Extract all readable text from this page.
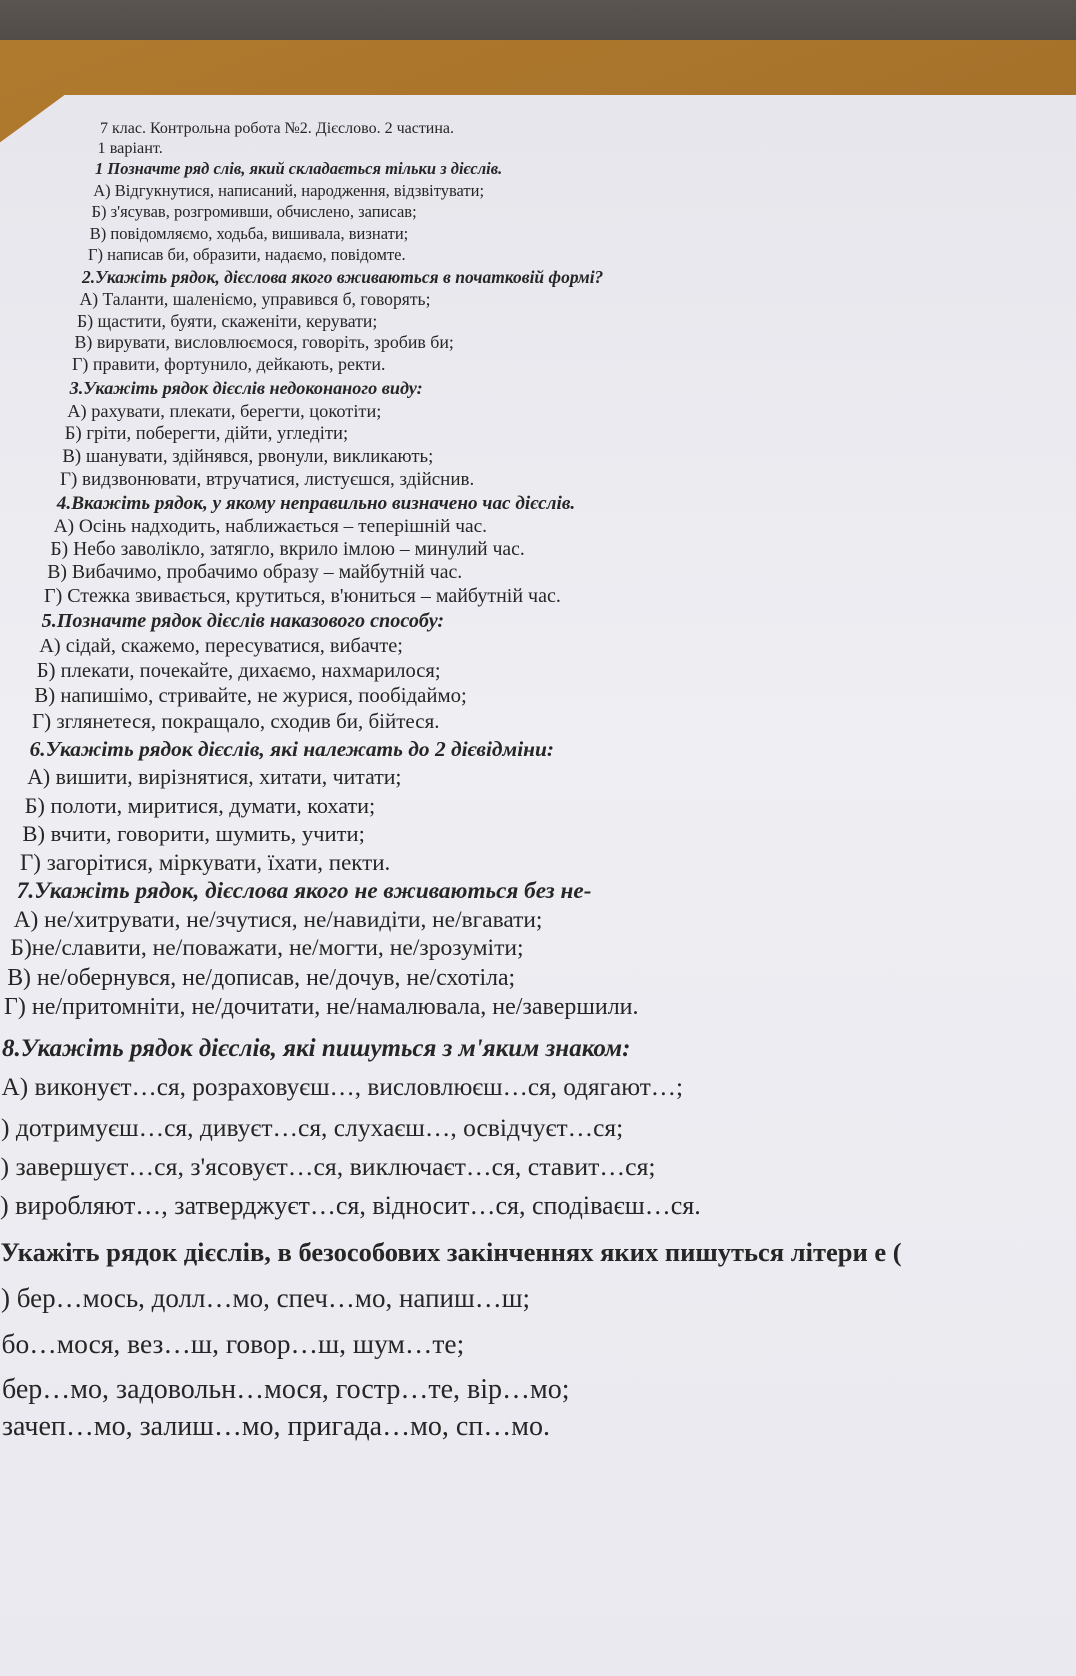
7 клас. Контрольна робота №2. Дієслово. 2 частина.
1 варіант.
1 Позначте ряд слів, який складається тільки з дієслів.
А) Відгукнутися, написаний, народження, відзвітувати;
Б) з'ясував, розгромивши, обчислено, записав;
В) повідомляємо, ходьба, вишивала, визнати;
Г) написав би, образити, надаємо, повідомте.
2.Укажіть рядок, дієслова якого вживаються в початковій формі?
А) Таланти, шаленіємо, управився б, говорять;
Б) щастити, буяти, скаженіти, керувати;
В) вирувати, висловлюємося, говоріть, зробив би;
Г) правити, фортунило, дейкають, ректи.
3.Укажіть рядок дієслів недоконаного виду:
А) рахувати, плекати, берегти, цокотіти;
Б) гріти, поберегти, дійти, угледіти;
В) шанувати, здійнявся, рвонули, викликають;
Г) видзвонювати, втручатися, листуєшся, здійснив.
4.Вкажіть рядок, у якому неправильно визначено час дієслів.
А) Осінь надходить, наближається – теперішній час.
Б) Небо заволікло, затягло, вкрило імлою – минулий час.
В) Вибачимо, пробачимо образу – майбутній час.
Г) Стежка звивається, крутиться, в'юниться – майбутній час.
5.Позначте рядок дієслів наказового способу:
А) сідай, скажемо, пересуватися, вибачте;
Б) плекати, почекайте, дихаємо, нахмарилося;
В) напишімо, стривайте, не журися, пообідаймо;
Г) зглянетеся, покращало, сходив би, бійтеся.
6.Укажіть рядок дієслів, які належать до 2 дієвідміни:
А) вишити, вирізнятися, хитати, читати;
Б) полоти, миритися, думати, кохати;
В) вчити, говорити, шумить, учити;
Г) загорітися, міркувати, їхати, пекти.
7.Укажіть рядок, дієслова якого не вживаються без не-
А) не/хитрувати, не/зчутися, не/навидіти, не/вгавати;
Б)не/славити, не/поважати, не/могти, не/зрозуміти;
В) не/обернувся, не/дописав, не/дочув, не/схотіла;
Г) не/притомніти, не/дочитати, не/намалювала, не/завершили.
8.Укажіть рядок дієслів, які пишуться з м'яким знаком:
А) виконуєт…ся, розраховуєш…, висловлюєш…ся, одягают…;
) дотримуєш…ся, дивуєт…ся, слухаєш…, освідчуєт…ся;
) завершуєт…ся, з'ясовуєт…ся, виключаєт…ся, ставит…ся;
) виробляют…, затверджуєт…ся, відносит…ся, сподіваєш…ся.
Укажіть рядок дієслів, в безособових закінченнях яких пишуться літери е (
) бер…мось, долл…мо, спеч…мо, напиш…ш;
бо…мося, вез…ш, говор…ш, шум…те;
бер…мо, задовольн…мося, гостр…те, вір…мо;
зачеп…мо, залиш…мо, пригада…мо, сп…мо.
